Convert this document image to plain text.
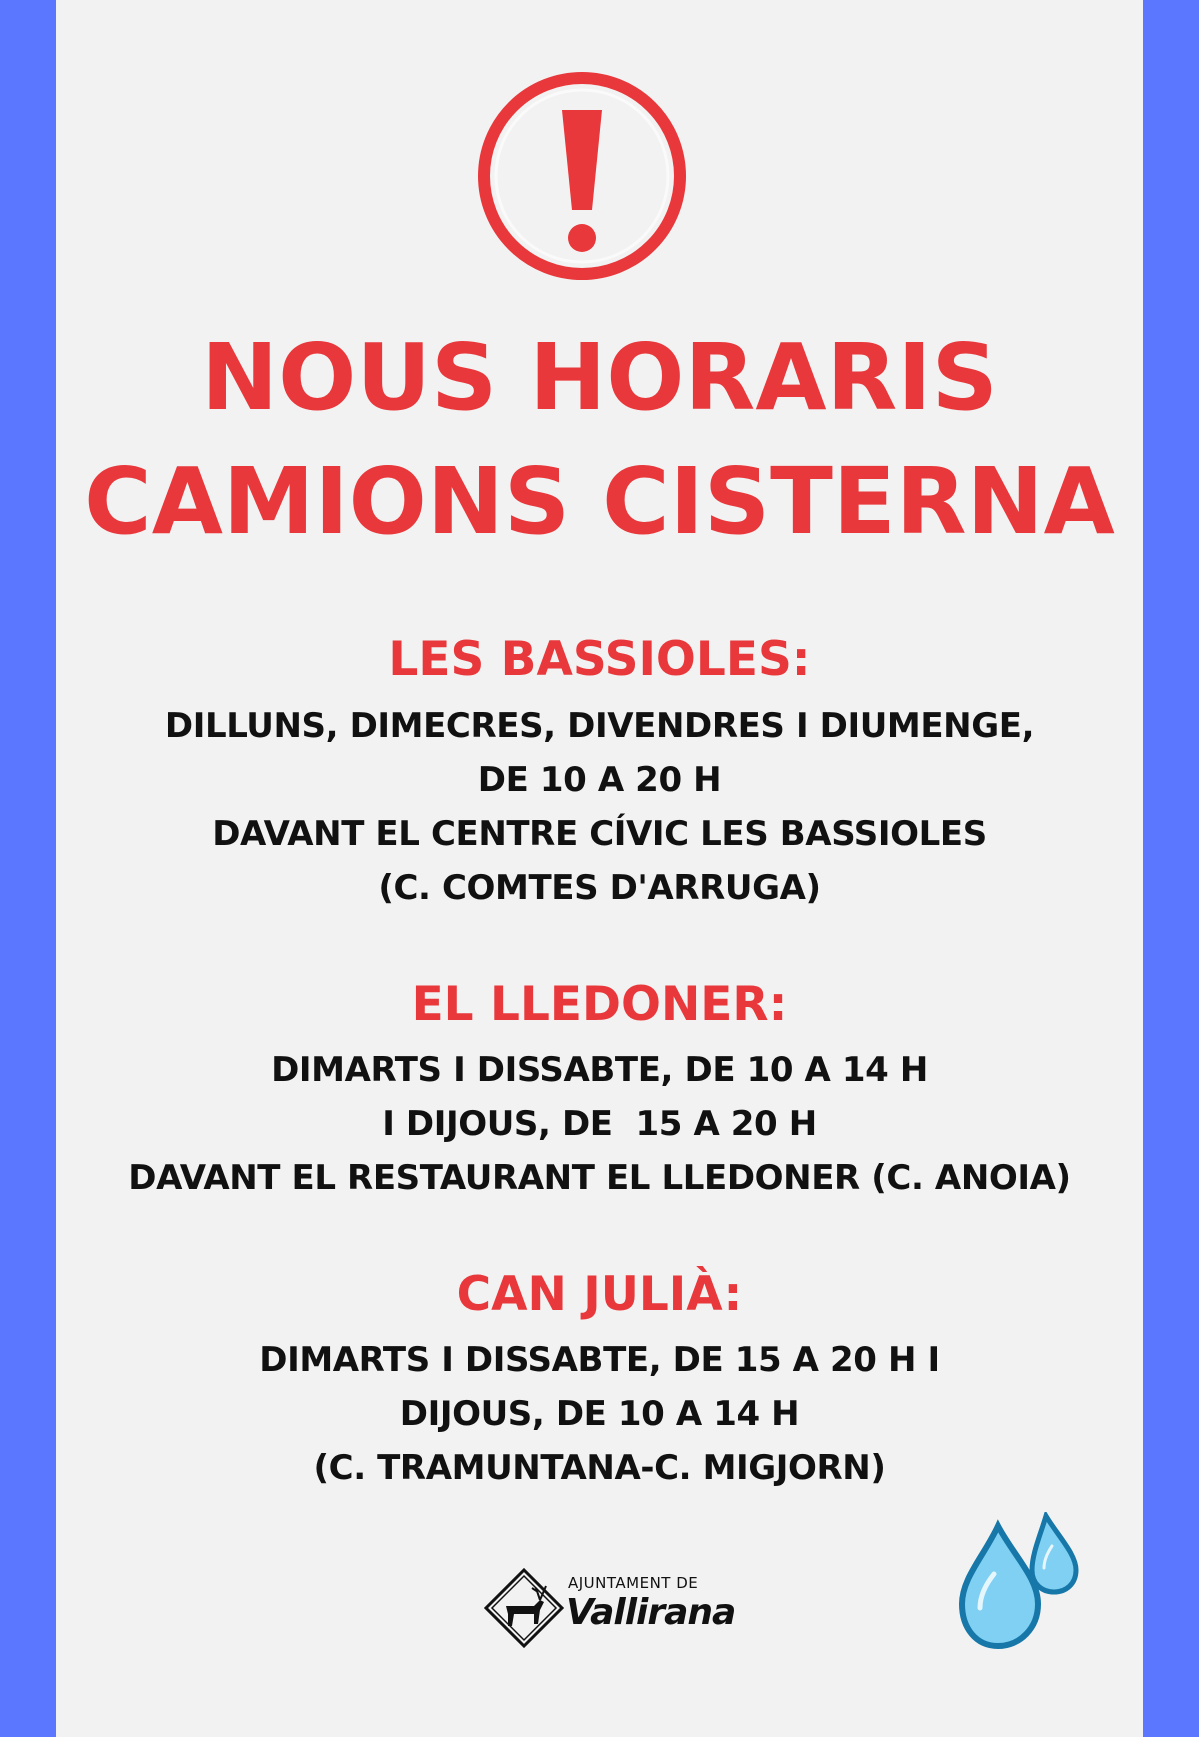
NOUS HORARIS
CAMIONS CISTERNA
LES BASSIOLES:
DILLUNS, DIMECRES, DIVENDRES I DIUMENGE,
DE 10 A 20 H
DAVANT EL CENTRE CÍVIC LES BASSIOLES
(C. COMTES D'ARRUGA)
EL LLEDONER:
DIMARTS I DISSABTE, DE 10 A 14 H
I DIJOUS, DE  15 A 20 H
DAVANT EL RESTAURANT EL LLEDONER (C. ANOIA)
CAN JULIÀ:
DIMARTS I DISSABTE, DE 15 A 20 H I
DIJOUS, DE 10 A 14 H
(C. TRAMUNTANA-C. MIGJORN)
AJUNTAMENT DE
Vallirana
